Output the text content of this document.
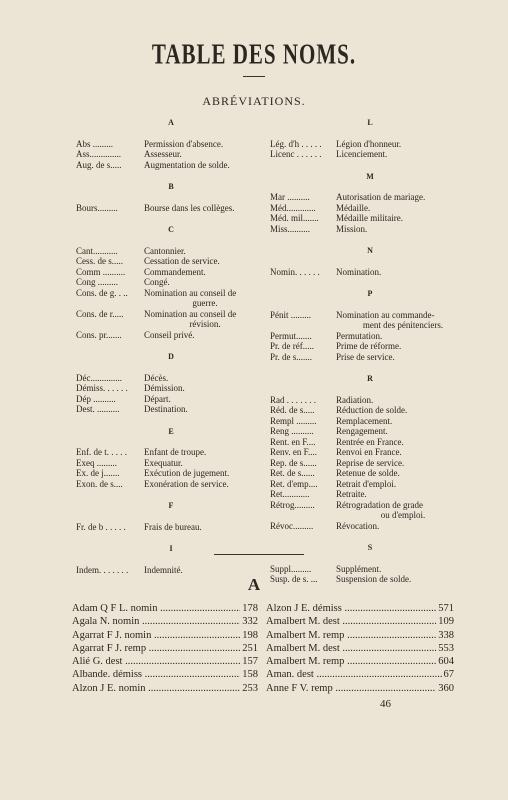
TABLE DES NOMS.
ABRÉVIATIONS.
A
Abs .........	Permission d'absence.
Ass..............	Assesseur.
Aug. de s.....	Augmentation de solde.
B
Bours.........	Bourse dans les collèges.
C
Cant...........	Cantonnier.
Cess. de s.....	Cessation de service.
Comm ..........	Commandement.
Cong .........	Congé.
Cons. de g. . ..	Nomination au conseil de
guerre.
Cons. de r.....	Nomination au conseil de
révision.
Cons. pr.......	Conseil privé.
D
Déc..............	Décès.
Démiss. . . . . .	Démission.
Dép ..........	Départ.
Dest. ..........	Destination.
E
Enf. de t. . . . .	Enfant de troupe.
Exeq .........	Exequatur.
Ex. de j.......	Exécution de jugement.
Exon. de s....	Exonération de service.
F
Fr. de b . . . . .	Frais de bureau.
I
Indem. . . . . . .	Indemnité.
L
Lég. d'h . . . . .	Légion d'honneur.
Licenc . . . . . .	Licenciement.
M
Mar ..........	Autorisation de mariage.
Méd.............	Médaille.
Méd. mil.......	Médaille militaire.
Miss..........	Mission.
N
Nomin. . . . . .	Nomination.
P
Pénit .........	Nomination au commande-
ment des pénitenciers.
Permut.......	Permutation.
Pr. de réf.....	Prime de réforme.
Pr. de s.......	Prise de service.
R
Rad . . . . . . .	Radiation.
Réd. de s.....	Réduction de solde.
Rempl .........	Remplacement.
Reng ..........	Rengagement.
Rent. en F....	Rentrée en France.
Renv. en F....	Renvoi en France.
Rep. de s......	Reprise de service.
Ret. de s......	Retenue de solde.
Ret. d'emp....	Retrait d'emploi.
Ret............	Retraite.
Rétrog.........	Rétrogradation de grade
ou d'emploi.
Révoc.........	Révocation.
S
Suppl.........	Supplément.
Susp. de s. ...	Suspension de solde.
A
Adam Q F L. nomin .....	178
Agala N. nomin .....	332
Agarrat F J. nomin .....	198
Agarrat F J. remp .....	251
Alié G. dest .....	157
Albande. démiss .....	158
Alzon J E. nomin .....	253
Alzon J E. démiss .....	571
Amalbert M. dest .....	109
Amalbert M. remp .....	338
Amalbert M. dest .....	553
Amalbert M. remp .....	604
Aman. dest .....	67
Anne F V. remp .....	360
46
